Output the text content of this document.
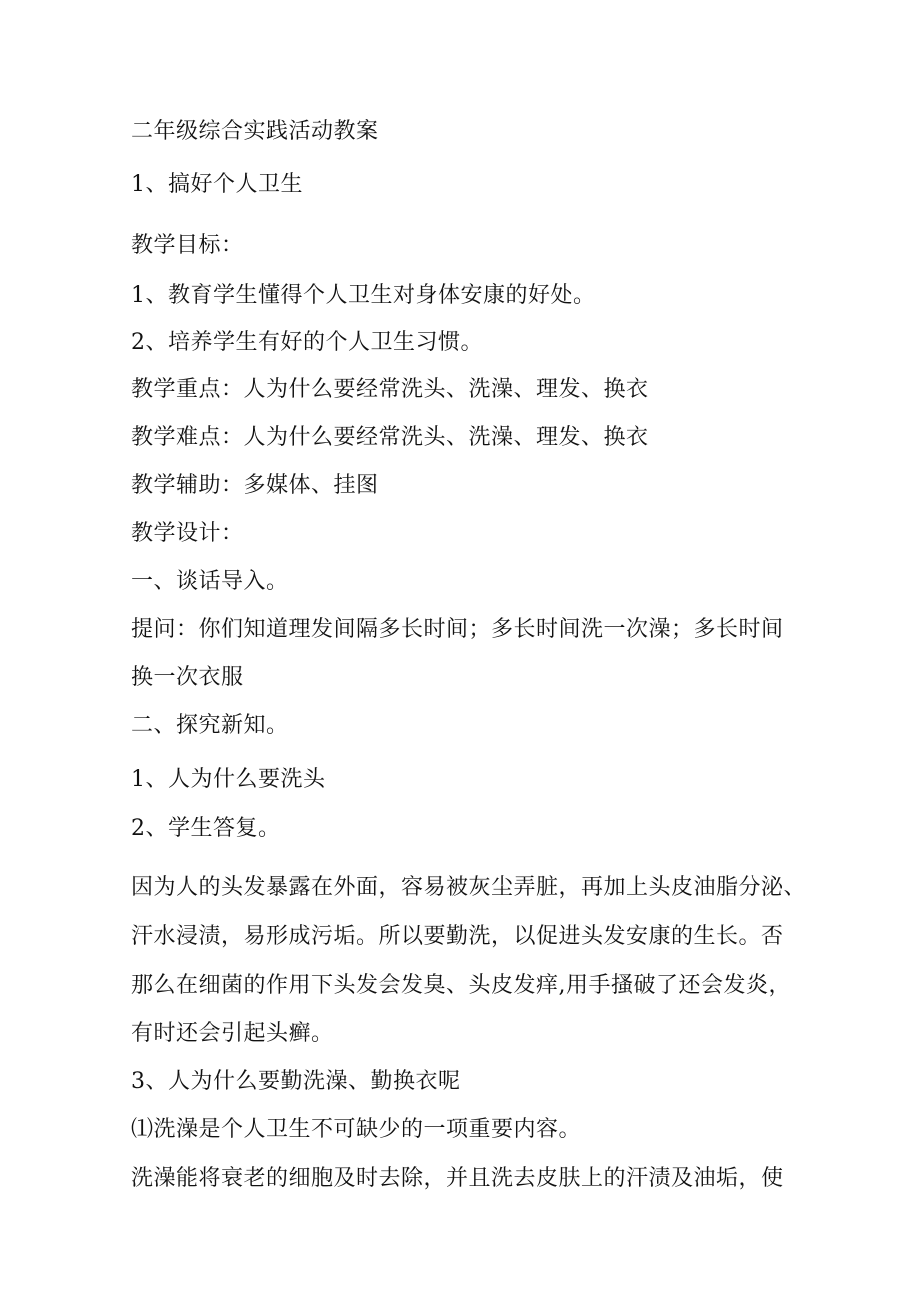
二年级综合实践活动教案
1、搞好个人卫生
教学目标：
1、教育学生懂得个人卫生对身体安康的好处。
2、培养学生有好的个人卫生习惯。
教学重点：人为什么要经常洗头、洗澡、理发、换衣
教学难点：人为什么要经常洗头、洗澡、理发、换衣
教学辅助：多媒体、挂图
教学设计：
一、谈话导入。
提问：你们知道理发间隔多长时间；多长时间洗一次澡；多长时间
换一次衣服
二、探究新知。
1、人为什么要洗头
2、学生答复。
因为人的头发暴露在外面，容易被灰尘弄脏，再加上头皮油脂分泌、
汗水浸渍，易形成污垢。所以要勤洗，以促进头发安康的生长。否
那么在细菌的作用下头发会发臭、头皮发痒,用手搔破了还会发炎，
有时还会引起头癣。
3、人为什么要勤洗澡、勤换衣呢
⑴洗澡是个人卫生不可缺少的一项重要内容。
洗澡能将衰老的细胞及时去除，并且洗去皮肤上的汗渍及油垢，使
